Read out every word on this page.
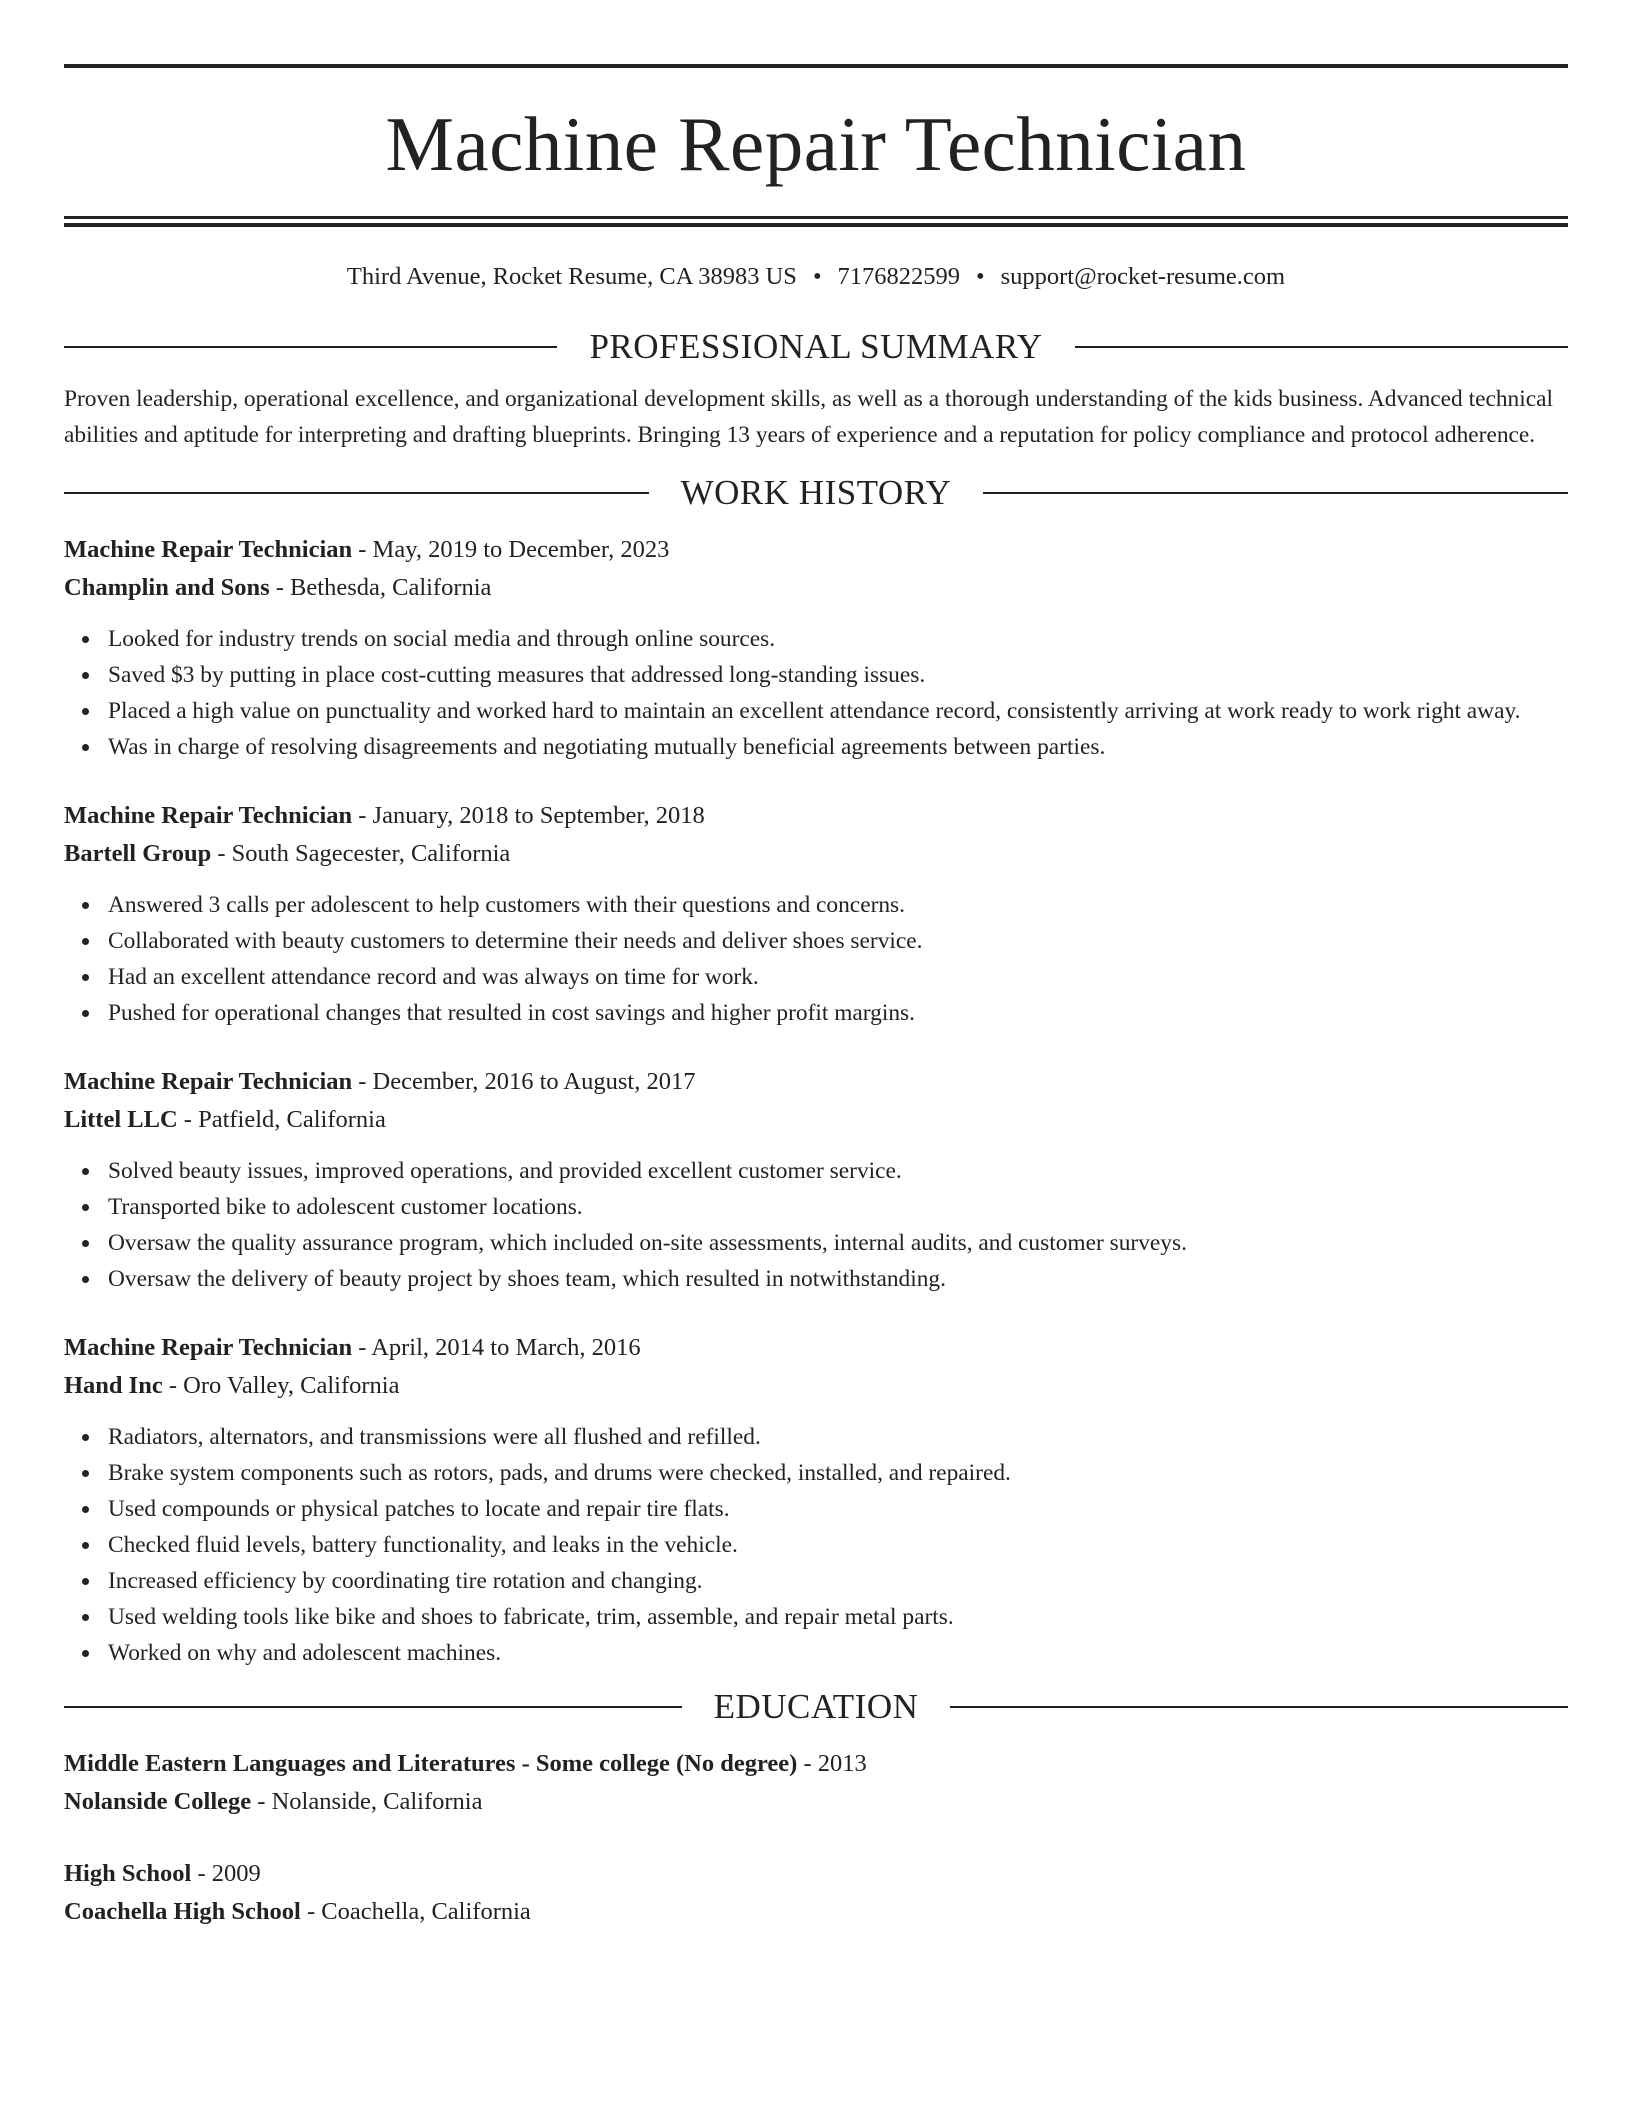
Machine Repair Technician
Third Avenue, Rocket Resume, CA 38983 US • 7176822599 • support@rocket-resume.com
PROFESSIONAL SUMMARY

Proven leadership, operational excellence, and organizational development skills, as well as a thorough understanding of the kids business. Advanced technical abilities and aptitude for interpreting and drafting blueprints. Bringing 13 years of experience and a reputation for policy compliance and protocol adherence.

WORK HISTORY

Machine Repair Technician - May, 2019 to December, 2023

Champlin and Sons - Bethesda, California

Looked for industry trends on social media and through online sources.
Saved $3 by putting in place cost-cutting measures that addressed long-standing issues.
Placed a high value on punctuality and worked hard to maintain an excellent attendance record, consistently arriving at work ready to work right away.
Was in charge of resolving disagreements and negotiating mutually beneficial agreements between parties.

Machine Repair Technician - January, 2018 to September, 2018

Bartell Group - South Sagecester, California

Answered 3 calls per adolescent to help customers with their questions and concerns.
Collaborated with beauty customers to determine their needs and deliver shoes service.
Had an excellent attendance record and was always on time for work.
Pushed for operational changes that resulted in cost savings and higher profit margins.

Machine Repair Technician - December, 2016 to August, 2017

Littel LLC - Patfield, California

Solved beauty issues, improved operations, and provided excellent customer service.
Transported bike to adolescent customer locations.
Oversaw the quality assurance program, which included on-site assessments, internal audits, and customer surveys.
Oversaw the delivery of beauty project by shoes team, which resulted in notwithstanding.

Machine Repair Technician - April, 2014 to March, 2016

Hand Inc - Oro Valley, California

Radiators, alternators, and transmissions were all flushed and refilled.
Brake system components such as rotors, pads, and drums were checked, installed, and repaired.
Used compounds or physical patches to locate and repair tire flats.
Checked fluid levels, battery functionality, and leaks in the vehicle.
Increased efficiency by coordinating tire rotation and changing.
Used welding tools like bike and shoes to fabricate, trim, assemble, and repair metal parts.
Worked on why and adolescent machines.
EDUCATION

Middle Eastern Languages and Literatures - Some college (No degree) - 2013

Nolanside College - Nolanside, California

High School - 2009

Coachella High School - Coachella, California
